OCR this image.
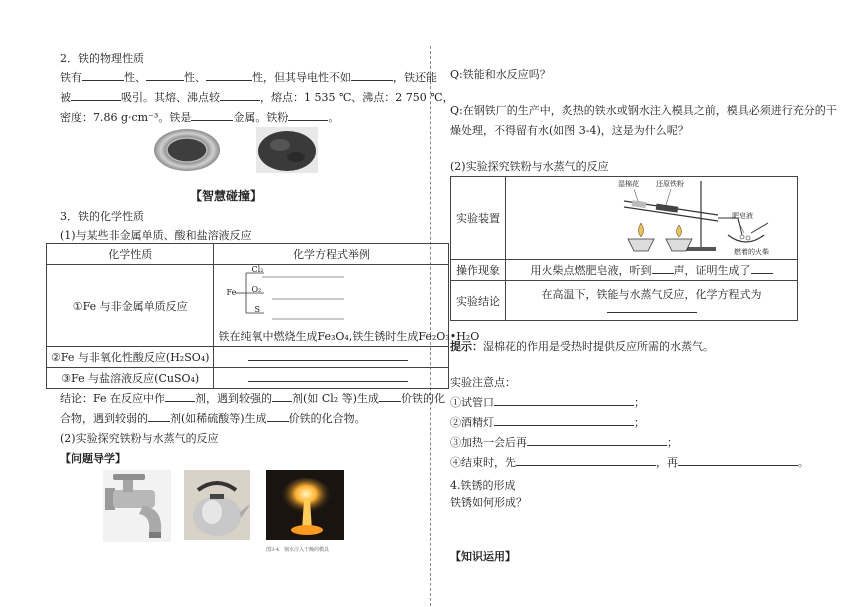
2．铁的物理性质
铁有	性、	性、	性，但其导电性不如	，铁还能
被	吸引。其熔、沸点较	，熔点：1 535 ℃、沸点：2 750 ℃，
密度：7.86 g·cm⁻³。铁是	金属。铁粉	。
【智慧碰撞】
3．铁的化学性质
(1)与某些非金属单质、酸和盐溶液反应
化学性质	化学方程式举例
①Fe 与非金属单质反应	Fe
Cl₂
O₂
S
铁在纯氧中燃烧生成Fe₃O₄,铁生锈时生成Fe₂O₃•H₂O

②Fe 与非氧化性酸反应(H₂SO₄)	
③Fe 与盐溶液反应(CuSO₄)	
结论：Fe 在反应中作	剂，遇到较强的 剂(如 Cl₂ 等)生成 价铁的化
合物，遇到较弱的 剂(如稀硫酸等)生成 价铁的化合物。
(2)实验探究铁粉与水蒸气的反应
【问题导学】
图3-4　钢水注入干燥的模具
Q:铁能和水反应吗？
Q:在钢铁厂的生产中，炙热的铁水或钢水注入模具之前，模具必须进行充分的干
燥处理，不得留有水(如图 3-4)，这是为什么呢？
(2)实验探究铁粉与水蒸气的反应
实验装置	湿棉花 还原铁粉
肥皂液
燃着的火柴

操作现象	用火柴点燃肥皂液，听到 声，证明生成了
实验结论	在高温下，铁能与水蒸气反应，化学方程式为
提示：湿棉花的作用是受热时提供反应所需的水蒸气。
实验注意点：
①试管口	；
②酒精灯	；
③加热一会后再	；
④结束时，先	，再	。
4.铁锈的形成
铁锈如何形成？
【知识运用】
